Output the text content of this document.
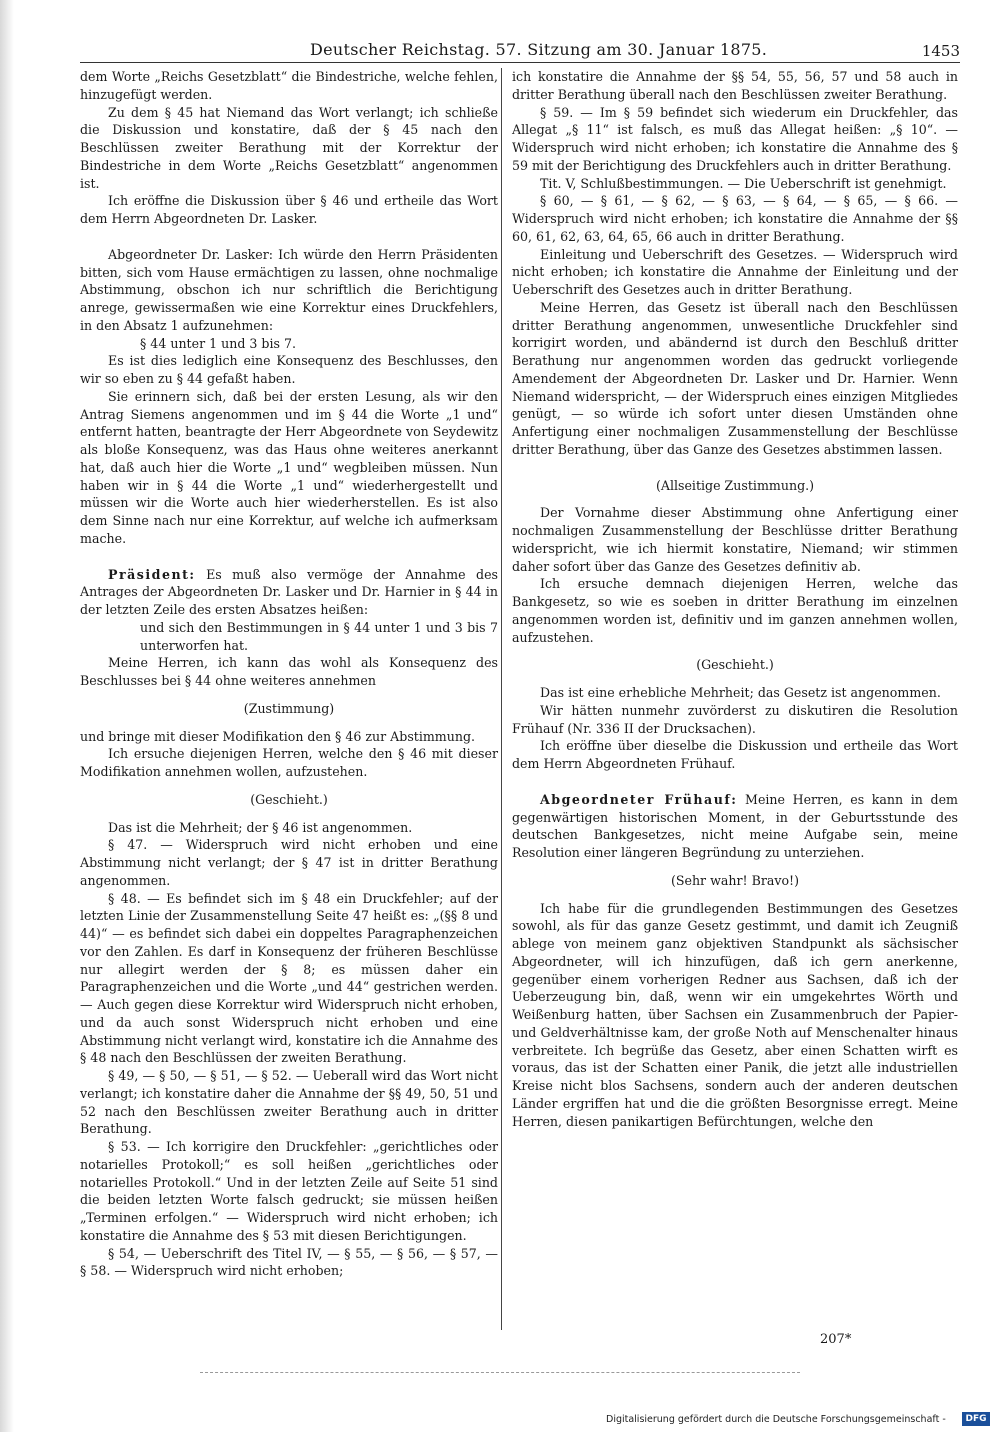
Deutscher Reichstag. 57. Sitzung am 30. Januar 1875.	1453

dem Worte „Reichs Gesetzblatt“ die Bindestriche, welche fehlen, hinzugefügt werden.

Zu dem § 45 hat Niemand das Wort verlangt; ich schließe die Diskussion und konstatire, daß der § 45 nach den Beschlüssen zweiter Berathung mit der Korrektur der Bindestriche in dem Worte „Reichs Gesetzblatt“ angenommen ist.

Ich eröffne die Diskussion über § 46 und ertheile das Wort dem Herrn Abgeordneten Dr. Lasker.

Abgeordneter Dr. Lasker: Ich würde den Herrn Präsidenten bitten, sich vom Hause ermächtigen zu lassen, ohne nochmalige Abstimmung, obschon ich nur schriftlich die Berichtigung anrege, gewissermaßen wie eine Korrektur eines Druckfehlers, in den Absatz 1 aufzunehmen:

§ 44 unter 1 und 3 bis 7.

Es ist dies lediglich eine Konsequenz des Beschlusses, den wir so eben zu § 44 gefaßt haben.

Sie erinnern sich, daß bei der ersten Lesung, als wir den Antrag Siemens angenommen und im § 44 die Worte „1 und“ entfernt hatten, beantragte der Herr Abgeordnete von Seydewitz als bloße Konsequenz, was das Haus ohne weiteres anerkannt hat, daß auch hier die Worte „1 und“ wegbleiben müssen. Nun haben wir in § 44 die Worte „1 und“ wiederhergestellt und müssen wir die Worte auch hier wiederherstellen. Es ist also dem Sinne nach nur eine Korrektur, auf welche ich aufmerksam mache.

Präsident: Es muß also vermöge der Annahme des Antrages der Abgeordneten Dr. Lasker und Dr. Harnier in § 44 in der letzten Zeile des ersten Absatzes heißen:

und sich den Bestimmungen in § 44 unter 1 und 3 bis 7 unterworfen hat.

Meine Herren, ich kann das wohl als Konsequenz des Beschlusses bei § 44 ohne weiteres annehmen

(Zustimmung)

und bringe mit dieser Modifikation den § 46 zur Abstimmung.

Ich ersuche diejenigen Herren, welche den § 46 mit dieser Modifikation annehmen wollen, aufzustehen.

(Geschieht.)

Das ist die Mehrheit; der § 46 ist angenommen.

§ 47. — Widerspruch wird nicht erhoben und eine Abstimmung nicht verlangt; der § 47 ist in dritter Berathung angenommen.

§ 48. — Es befindet sich im § 48 ein Druckfehler; auf der letzten Linie der Zusammenstellung Seite 47 heißt es: „(§§ 8 und 44)“ — es befindet sich dabei ein doppeltes Paragraphenzeichen vor den Zahlen. Es darf in Konsequenz der früheren Beschlüsse nur allegirt werden der § 8; es müssen daher ein Paragraphenzeichen und die Worte „und 44“ gestrichen werden. — Auch gegen diese Korrektur wird Widerspruch nicht erhoben, und da auch sonst Widerspruch nicht erhoben und eine Abstimmung nicht verlangt wird, konstatire ich die Annahme des § 48 nach den Beschlüssen der zweiten Berathung.

§ 49, — § 50, — § 51, — § 52. — Ueberall wird das Wort nicht verlangt; ich konstatire daher die Annahme der §§ 49, 50, 51 und 52 nach den Beschlüssen zweiter Berathung auch in dritter Berathung.

§ 53. — Ich korrigire den Druckfehler: „gerichtliches oder notarielles Protokoll;“ es soll heißen „gerichtliches oder notarielles Protokoll.“ Und in der letzten Zeile auf Seite 51 sind die beiden letzten Worte falsch gedruckt; sie müssen heißen „Terminen erfolgen.“ — Widerspruch wird nicht erhoben; ich konstatire die Annahme des § 53 mit diesen Berichtigungen.

§ 54, — Ueberschrift des Titel IV, — § 55, — § 56, — § 57, — § 58. — Widerspruch wird nicht erhoben;

ich konstatire die Annahme der §§ 54, 55, 56, 57 und 58 auch in dritter Berathung überall nach den Beschlüssen zweiter Berathung.

§ 59. — Im § 59 befindet sich wiederum ein Druckfehler, das Allegat „§ 11“ ist falsch, es muß das Allegat heißen: „§ 10“. — Widerspruch wird nicht erhoben; ich konstatire die Annahme des § 59 mit der Berichtigung des Druckfehlers auch in dritter Berathung.

Tit. V, Schlußbestimmungen. — Die Ueberschrift ist genehmigt.

§ 60, — § 61, — § 62, — § 63, — § 64, — § 65, — § 66. — Widerspruch wird nicht erhoben; ich konstatire die Annahme der §§ 60, 61, 62, 63, 64, 65, 66 auch in dritter Berathung.

Einleitung und Ueberschrift des Gesetzes. — Widerspruch wird nicht erhoben; ich konstatire die Annahme der Einleitung und der Ueberschrift des Gesetzes auch in dritter Berathung.

Meine Herren, das Gesetz ist überall nach den Beschlüssen dritter Berathung angenommen, unwesentliche Druckfehler sind korrigirt worden, und abändernd ist durch den Beschluß dritter Berathung nur angenommen worden das gedruckt vorliegende Amendement der Abgeordneten Dr. Lasker und Dr. Harnier. Wenn Niemand widerspricht, — der Widerspruch eines einzigen Mitgliedes genügt, — so würde ich sofort unter diesen Umständen ohne Anfertigung einer nochmaligen Zusammenstellung der Beschlüsse dritter Berathung, über das Ganze des Gesetzes abstimmen lassen.

(Allseitige Zustimmung.)

Der Vornahme dieser Abstimmung ohne Anfertigung einer nochmaligen Zusammenstellung der Beschlüsse dritter Berathung widerspricht, wie ich hiermit konstatire, Niemand; wir stimmen daher sofort über das Ganze des Gesetzes definitiv ab.

Ich ersuche demnach diejenigen Herren, welche das Bankgesetz, so wie es soeben in dritter Berathung im einzelnen angenommen worden ist, definitiv und im ganzen annehmen wollen, aufzustehen.

(Geschieht.)

Das ist eine erhebliche Mehrheit; das Gesetz ist angenommen.

Wir hätten nunmehr zuvörderst zu diskutiren die Resolution Frühauf (Nr. 336 II der Drucksachen).

Ich eröffne über dieselbe die Diskussion und ertheile das Wort dem Herrn Abgeordneten Frühauf.

Abgeordneter Frühauf: Meine Herren, es kann in dem gegenwärtigen historischen Moment, in der Geburtsstunde des deutschen Bankgesetzes, nicht meine Aufgabe sein, meine Resolution einer längeren Begründung zu unterziehen.

(Sehr wahr! Bravo!)

Ich habe für die grundlegenden Bestimmungen des Gesetzes sowohl, als für das ganze Gesetz gestimmt, und damit ich Zeugniß ablege von meinem ganz objektiven Standpunkt als sächsischer Abgeordneter, will ich hinzufügen, daß ich gern anerkenne, gegenüber einem vorherigen Redner aus Sachsen, daß ich der Ueberzeugung bin, daß, wenn wir ein umgekehrtes Wörth und Weißenburg hatten, über Sachsen ein Zusammenbruch der Papier- und Geldverhältnisse kam, der große Noth auf Menschenalter hinaus verbreitete. Ich begrüße das Gesetz, aber einen Schatten wirft es voraus, das ist der Schatten einer Panik, die jetzt alle industriellen Kreise nicht blos Sachsens, sondern auch der anderen deutschen Länder ergriffen hat und die die größten Besorgnisse erregt. Meine Herren, diesen panikartigen Befürchtungen, welche den

207*
Digitalisierung gefördert durch die Deutsche Forschungsgemeinschaft -	DFG
